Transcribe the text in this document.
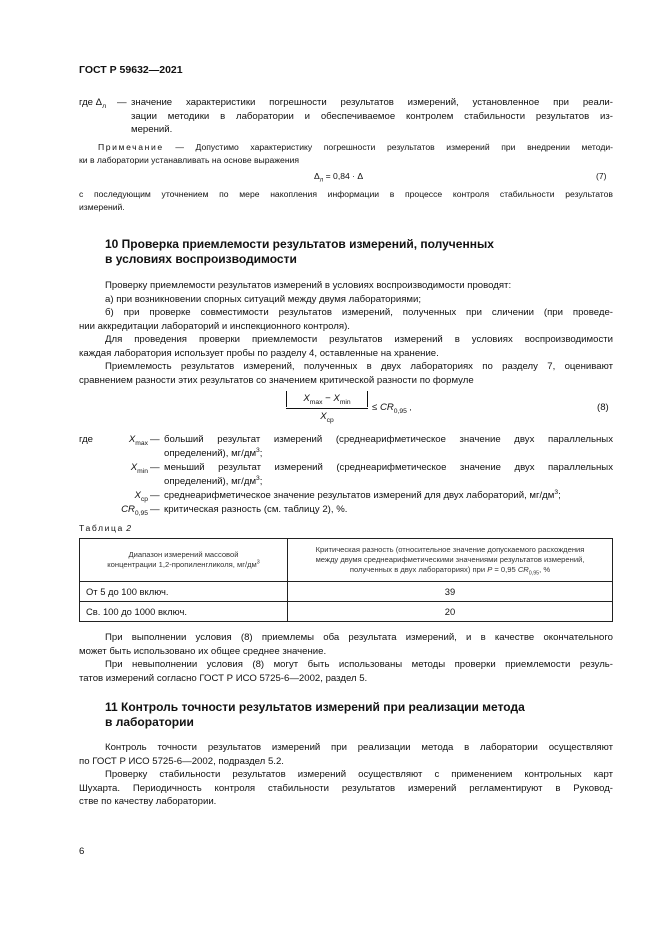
ГОСТ Р 59632—2021
где $\Delta_л$ — значение характеристики погрешности результатов измерений, установленное при реали-
зации методики в лаборатории и обеспечиваемое контролем стабильности результатов из-
мерений.
Примечание — Допустимо характеристику погрешности результатов измерений при внедрении методи-
ки в лаборатории устанавливать на основе выражения
$\Delta_л = 0,84 \cdot \Delta$	(7)
с последующим уточнением по мере накопления информации в процессе контроля стабильности результатов
измерений.
10 Проверка приемлемости результатов измерений, полученных
в условиях воспроизводимости
Проверку приемлемости результатов измерений в условиях воспроизводимости проводят:
а) при возникновении спорных ситуаций между двумя лабораториями;
б) при проверке совместимости результатов измерений, полученных при сличении (при проведе-
нии аккредитации лабораторий и инспекционного контроля).
Для проведения проверки приемлемости результатов измерений в условиях воспроизводимости
каждая лаборатория использует пробы по разделу 4, оставленные на хранение.
Приемлемость результатов измерений, полученных в двух лабораториях по разделу 7, оценивают
сравнением разности этих результатов со значением критической разности по формуле
$X_{max} - X_{min}$
$X_{ср}$
≤ $CR_{0,95}$ ,	(8)
где	$X_{max}$ — больший результат измерений (среднеарифметическое значение двух параллельных
определений), $мг/дм^3$;
$X_{min}$ — меньший результат измерений (среднеарифметическое значение двух параллельных
определений), $мг/дм^3$;
$X_{ср}$ — среднеарифметическое значение результатов измерений для двух лабораторий, $мг/дм^3$;
$CR_{0,95}$ — критическая разность (см. таблицу 2), %.
Таблица 2
Диапазон измерений массовой
концентрации 1,2-пропиленгликоля, $мг/дм^3$	Критическая разность (относительное значение допускаемого расхождения
между двумя среднеарифметическими значениями результатов измерений,
полученных в двух лабораториях) при P = 0,95 $CR_{0,95}$, %
От 5 до 100 включ.	39
Св. 100 до 1000 включ.	20
При выполнении условия (8) приемлемы оба результата измерений, и в качестве окончательного
может быть использовано их общее среднее значение.
При невыполнении условия (8) могут быть использованы методы проверки приемлемости резуль-
татов измерений согласно ГОСТ Р ИСО 5725-6—2002, раздел 5.
11 Контроль точности результатов измерений при реализации метода
в лаборатории
Контроль точности результатов измерений при реализации метода в лаборатории осуществляют
по ГОСТ Р ИСО 5725-6—2002, подраздел 5.2.
Проверку стабильности результатов измерений осуществляют с применением контрольных карт
Шухарта. Периодичность контроля стабильности результатов измерений регламентируют в Руковод-
стве по качеству лаборатории.
6
